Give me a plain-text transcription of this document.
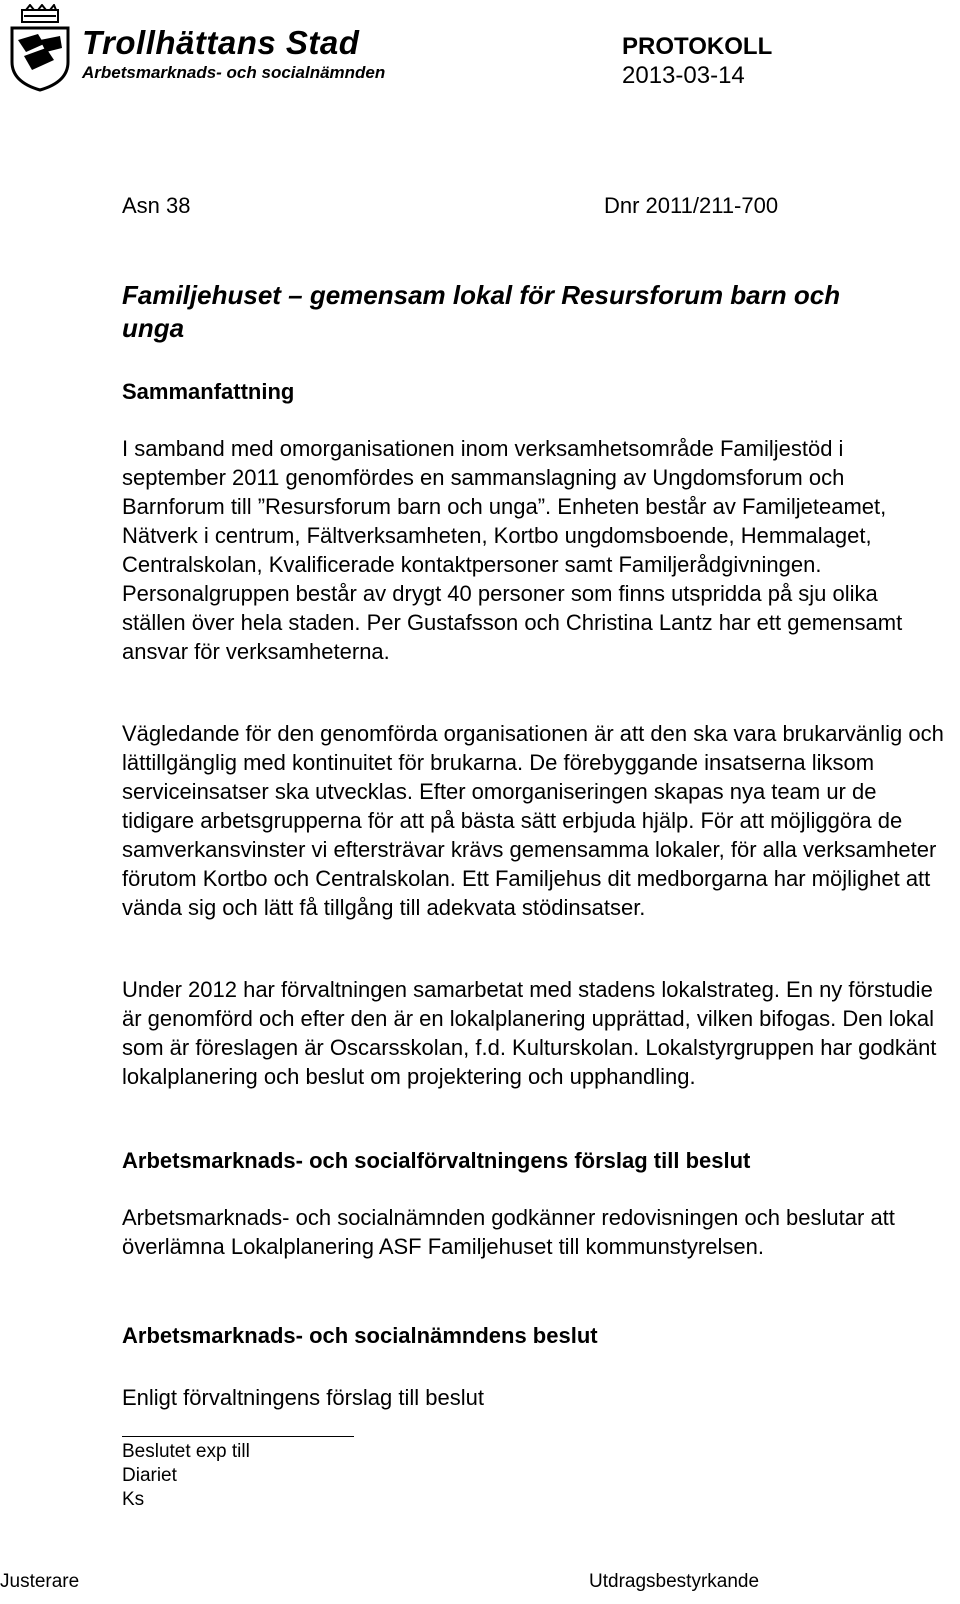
Trollhättans Stad
Arbetsmarknads- och socialnämnden
PROTOKOLL
2013-03-14
Asn 38	Dnr 2011/211-700
Familjehuset – gemensam lokal för Resursforum barn och unga
Sammanfattning

I samband med omorganisationen inom verksamhetsområde Familjestöd i september 2011 genomfördes en sammanslagning av Ungdomsforum och Barnforum till ”Resursforum barn och unga”. Enheten består av Familjeteamet, Nätverk i centrum, Fältverksamheten, Kortbo ungdomsboende, Hemmalaget, Centralskolan, Kvalificerade kontaktpersoner samt Familjerådgivningen. Personalgruppen består av drygt 40 personer som finns utspridda på sju olika ställen över hela staden. Per Gustafsson och Christina Lantz har ett gemensamt ansvar för verksamheterna.

Vägledande för den genomförda organisationen är att den ska vara brukarvänlig och lättillgänglig med kontinuitet för brukarna. De förebyggande insatserna liksom serviceinsatser ska utvecklas. Efter omorganiseringen skapas nya team ur de tidigare arbetsgrupperna för att på bästa sätt erbjuda hjälp. För att möjliggöra de samverkansvinster vi eftersträvar krävs gemensamma lokaler, för alla verksamheter förutom Kortbo och Centralskolan. Ett Familjehus dit medborgarna har möjlighet att vända sig och lätt få tillgång till adekvata stödinsatser.

Under 2012 har förvaltningen samarbetat med stadens lokalstrateg. En ny förstudie är genomförd och efter den är en lokalplanering upprättad, vilken bifogas. Den lokal som är föreslagen är Oscarsskolan, f.d. Kulturskolan. Lokalstyrgruppen har godkänt lokalplanering och beslut om projektering och upphandling.

Arbetsmarknads- och socialförvaltningens förslag till beslut

Arbetsmarknads- och socialnämnden godkänner redovisningen och beslutar att överlämna Lokalplanering ASF Familjehuset till kommunstyrelsen.

Arbetsmarknads- och socialnämndens beslut

Enligt förvaltningens förslag till beslut

Beslutet exp till
Diariet
Ks
Justerare	Utdragsbestyrkande
